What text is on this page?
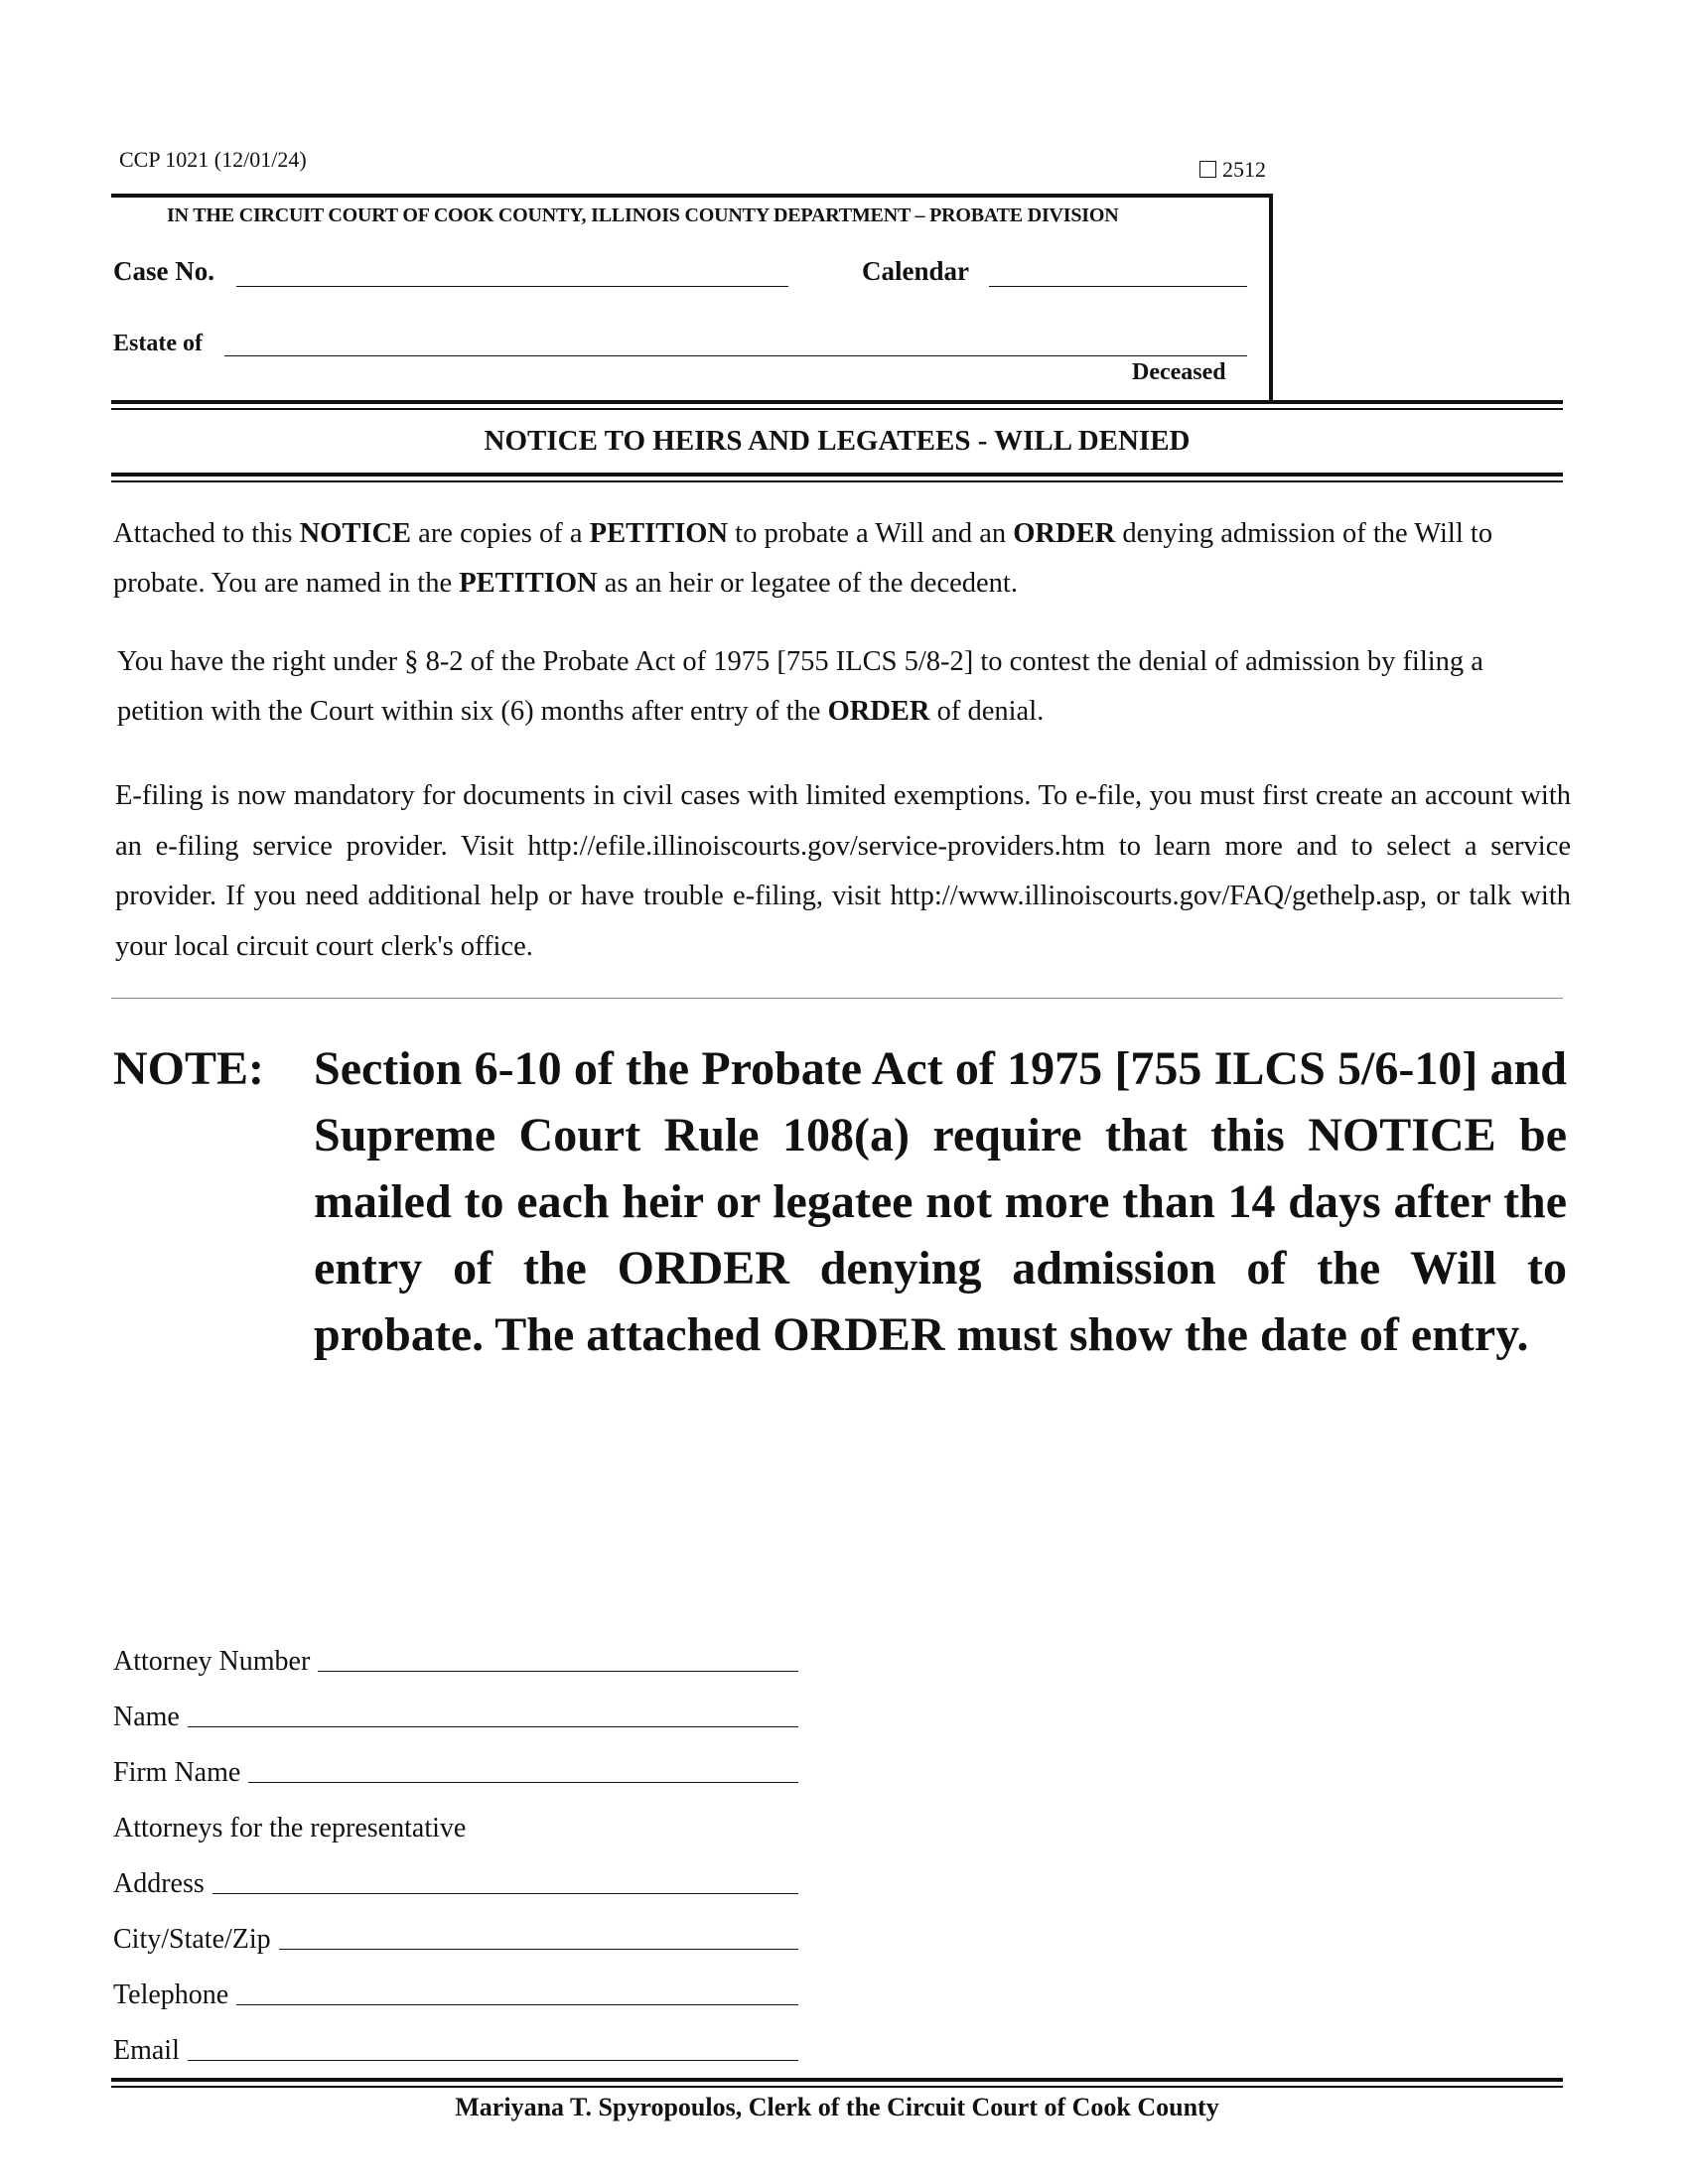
CCP 1021 (12/01/24)	2512
IN THE CIRCUIT COURT OF COOK COUNTY, ILLINOIS COUNTY DEPARTMENT – PROBATE DIVISION
Case No.	Calendar
Estate of
Deceased
NOTICE TO HEIRS AND LEGATEES - WILL DENIED
Attached to this NOTICE are copies of a PETITION to probate a Will and an ORDER denying admission of the Will to probate. You are named in the PETITION as an heir or legatee of the decedent.
You have the right under § 8-2 of the Probate Act of 1975 [755 ILCS 5/8-2] to contest the denial of admission by filing a petition with the Court within six (6) months after entry of the ORDER of denial.
E-filing is now mandatory for documents in civil cases with limited exemptions. To e-file, you must first create an account with an e-filing service provider. Visit http://efile.illinoiscourts.gov/service-providers.htm to learn more and to select a service provider. If you need additional help or have trouble e-filing, visit http://www.illinoiscourts.gov/FAQ/gethelp.asp, or talk with your local circuit court clerk's office.
NOTE: Section 6-10 of the Probate Act of 1975 [755 ILCS 5/6-10] and Supreme Court Rule 108(a) require that this NOTICE be mailed to each heir or legatee not more than 14 days after the entry of the ORDER denying admission of the Will to probate. The attached ORDER must show the date of entry.
Attorney Number
Name
Firm Name
Attorneys for the representative
Address
City/State/Zip
Telephone
Email
Mariyana T. Spyropoulos, Clerk of the Circuit Court of Cook County
